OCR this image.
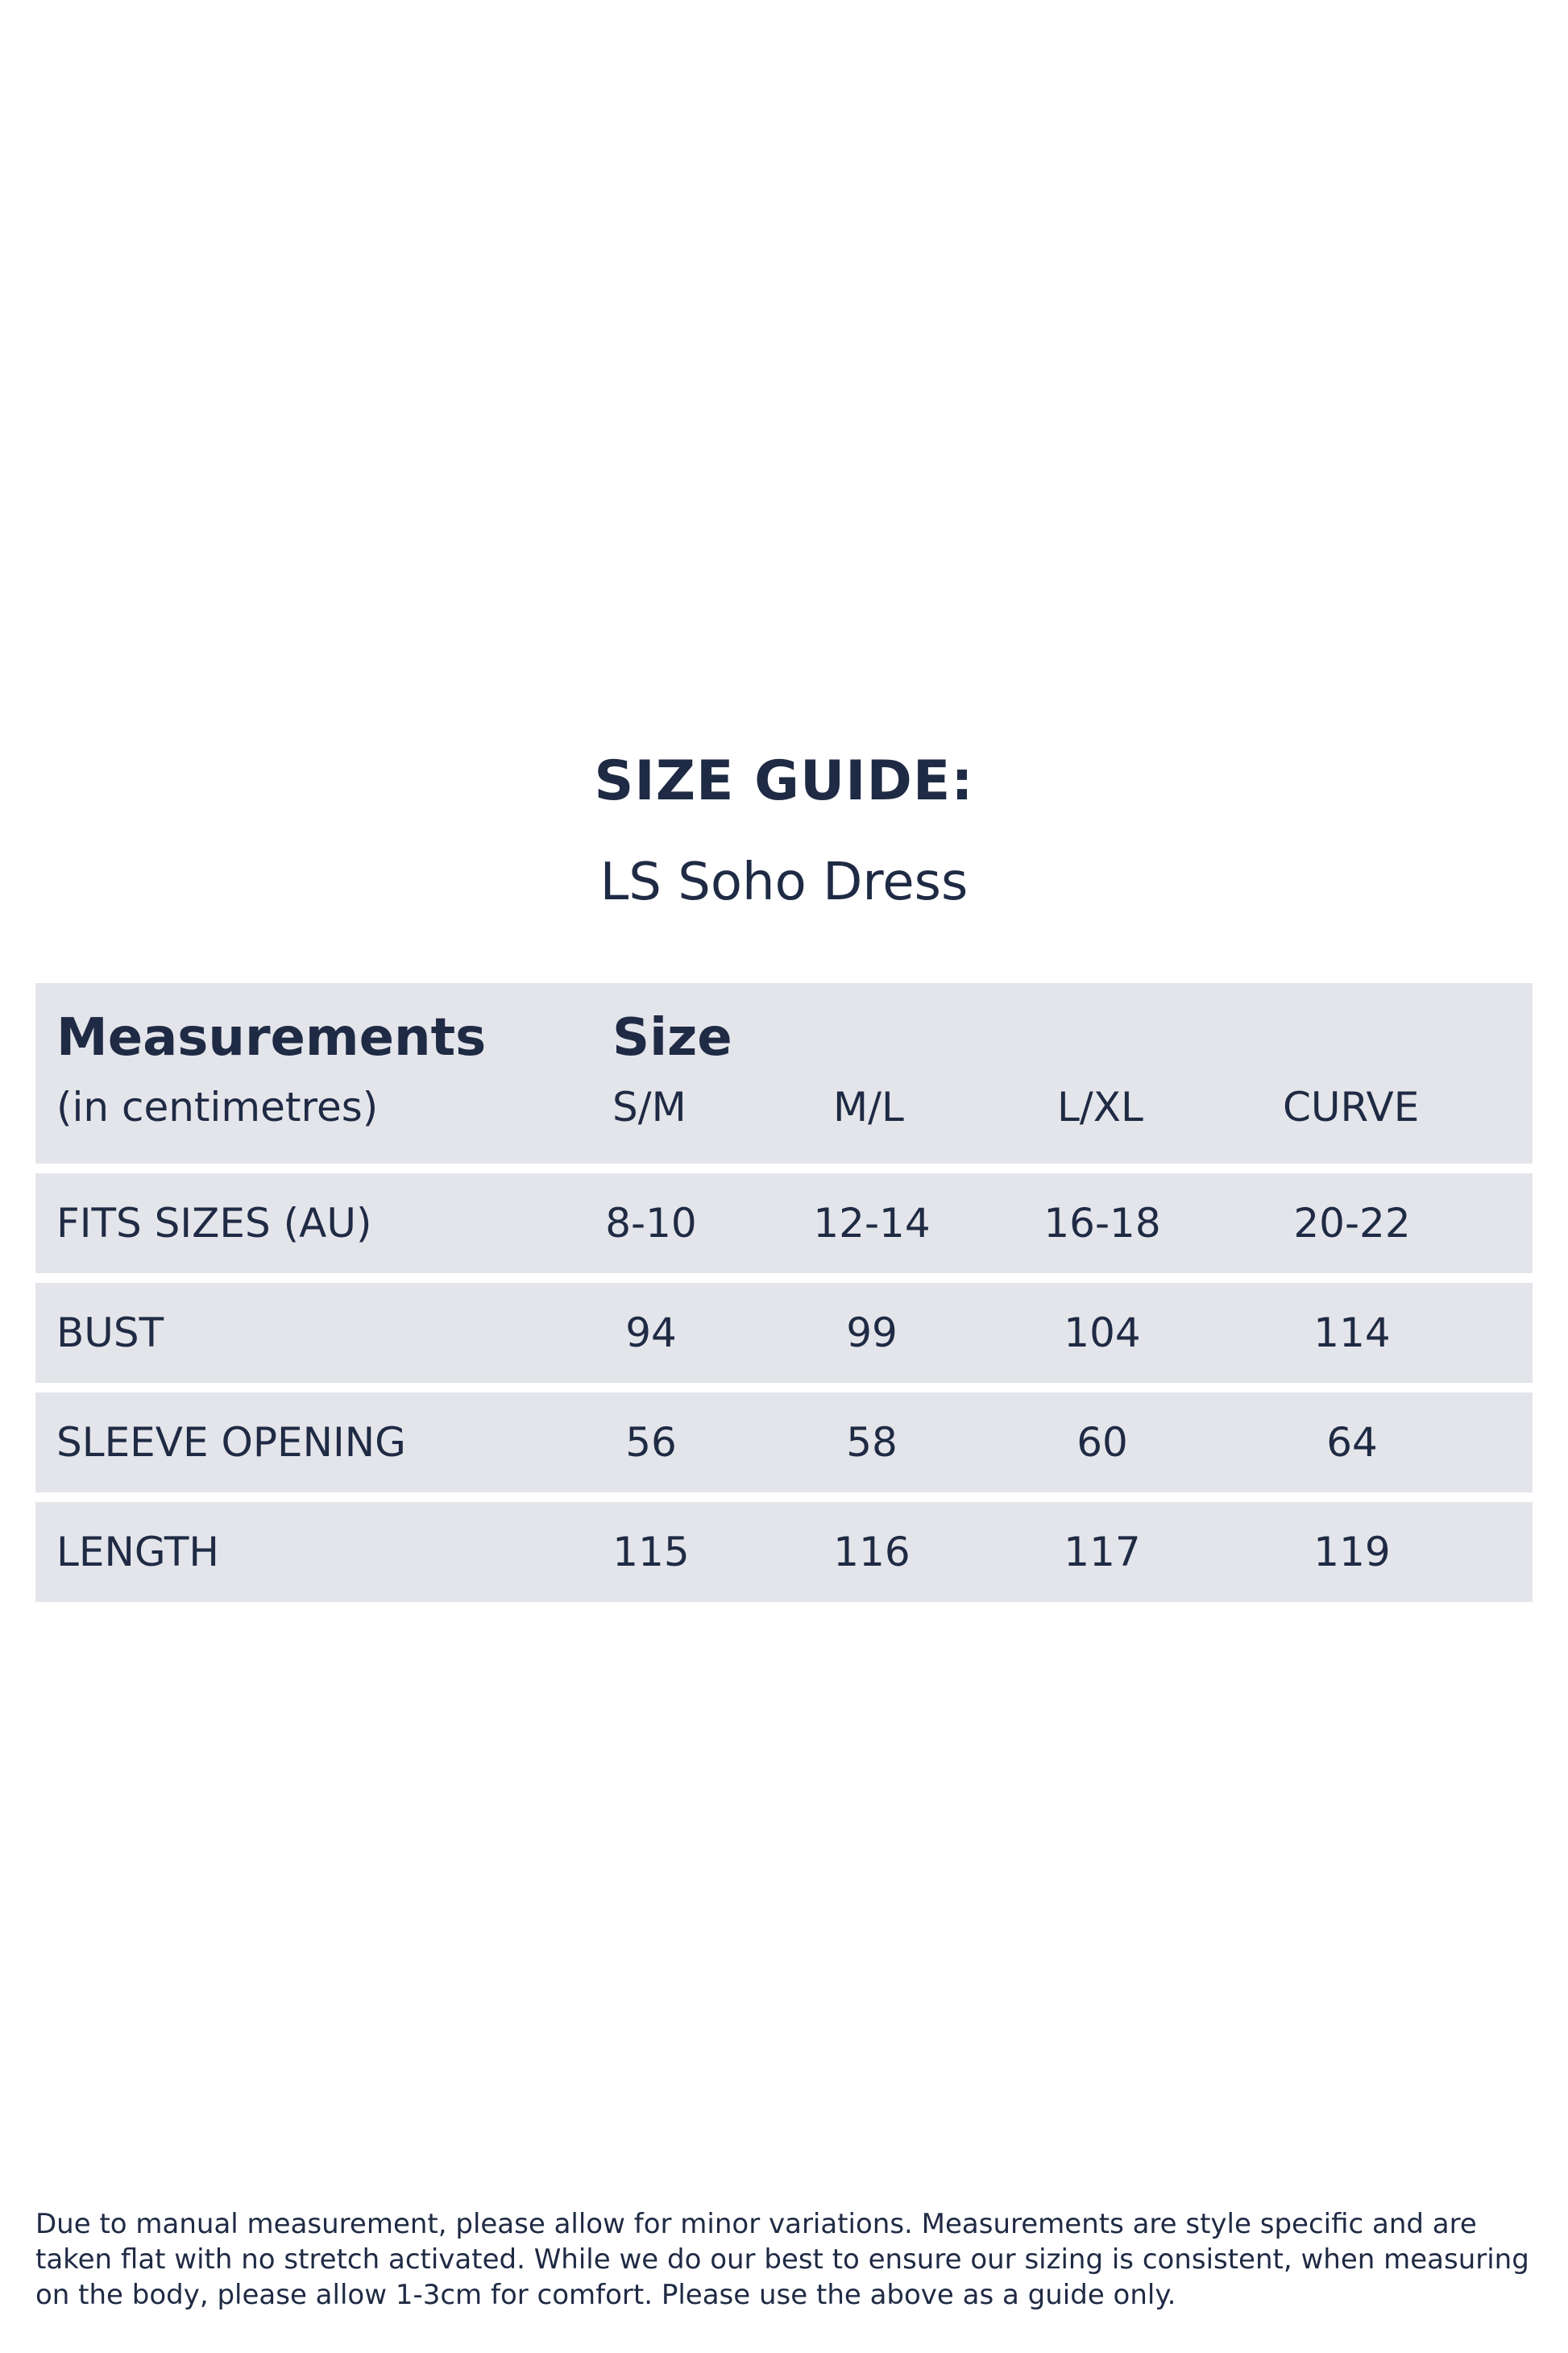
SIZE GUIDE:
LS Soho Dress
Measurements
(in centimetres)
Size
S/M	M/L	L/XL	CURVE
FITS SIZES (AU)	8-10	12-14	16-18	20-22
BUST	94	99	104	114
SLEEVE OPENING	56	58	60	64
LENGTH	115	116	117	119
Due to manual measurement, please allow for minor variations. Measurements are style specific and are taken flat with no stretch activated. While we do our best to ensure our sizing is consistent, when measuring on the body, please allow 1-3cm for comfort. Please use the above as a guide only.
